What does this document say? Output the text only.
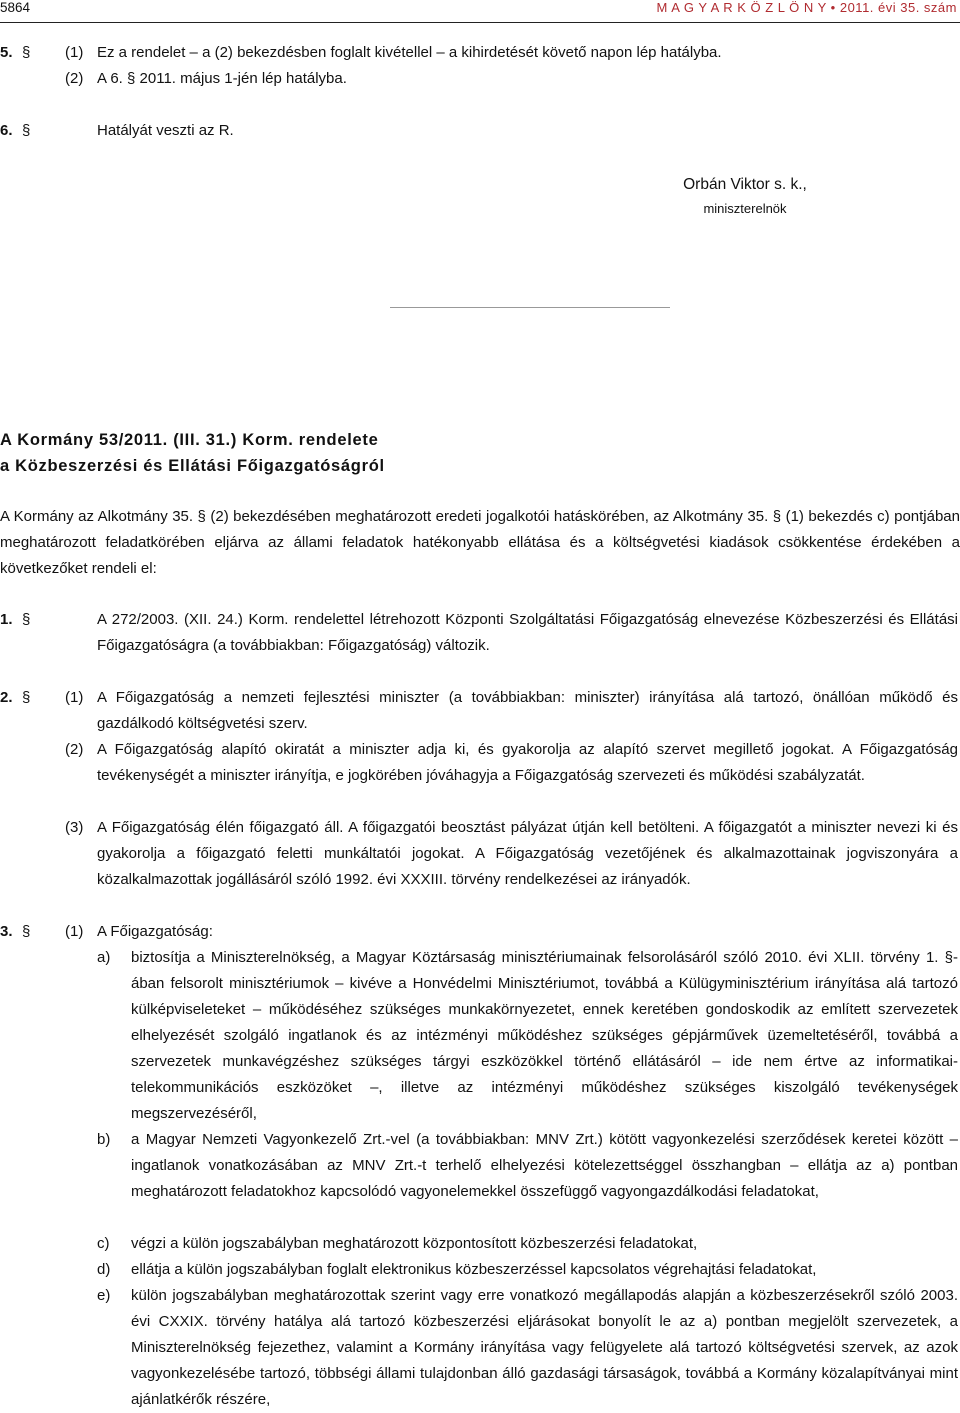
5864	M A G Y A R K Ö Z L Ö N Y • 2011. évi 35. szám
5. § (1) Ez a rendelet – a (2) bekezdésben foglalt kivétellel – a kihirdetését követő napon lép hatályba.
(2) A 6. § 2011. május 1-jén lép hatályba.
6. §	Hatályát veszti az R.
Orbán Viktor s. k.,
miniszterelnök
A Kormány 53/2011. (III. 31.) Korm. rendelete
a Közbeszerzési és Ellátási Főigazgatóságról
A Kormány az Alkotmány 35. § (2) bekezdésében meghatározott eredeti jogalkotói hatáskörében, az Alkotmány 35. § (1) bekezdés c) pontjában meghatározott feladatkörében eljárva az állami feladatok hatékonyabb ellátása és a költségvetési kiadások csökkentése érdekében a következőket rendeli el:
1. §	A 272/2003. (XII. 24.) Korm. rendelettel létrehozott Központi Szolgáltatási Főigazgatóság elnevezése Közbeszerzési és Ellátási Főigazgatóságra (a továbbiakban: Főigazgatóság) változik.
2. § (1) A Főigazgatóság a nemzeti fejlesztési miniszter (a továbbiakban: miniszter) irányítása alá tartozó, önállóan működő és gazdálkodó költségvetési szerv.
(2) A Főigazgatóság alapító okiratát a miniszter adja ki, és gyakorolja az alapító szervet megillető jogokat. A Főigazgatóság tevékenységét a miniszter irányítja, e jogkörében jóváhagyja a Főigazgatóság szervezeti és működési szabályzatát.
(3) A Főigazgatóság élén főigazgató áll. A főigazgatói beosztást pályázat útján kell betölteni. A főigazgatót a miniszter nevezi ki és gyakorolja a főigazgató feletti munkáltatói jogokat. A Főigazgatóság vezetőjének és alkalmazottainak jogviszonyára a közalkalmazottak jogállásáról szóló 1992. évi XXXIII. törvény rendelkezései az irányadók.
3. § (1) A Főigazgatóság:
a) biztosítja a Miniszterelnökség, a Magyar Köztársaság minisztériumainak felsorolásáról szóló 2010. évi XLII. törvény 1. §-ában felsorolt minisztériumok – kivéve a Honvédelmi Minisztériumot, továbbá a Külügyminisztérium irányítása alá tartozó külképviseleteket – működéséhez szükséges munkakörnyezetet, ennek keretében gondoskodik az említett szervezetek elhelyezését szolgáló ingatlanok és az intézményi működéshez szükséges gépjárművek üzemeltetéséről, továbbá a szervezetek munkavégzéshez szükséges tárgyi eszközökkel történő ellátásáról – ide nem értve az informatikai-telekommunikációs eszközöket –, illetve az intézményi működéshez szükséges kiszolgáló tevékenységek megszervezéséről,
b) a Magyar Nemzeti Vagyonkezelő Zrt.-vel (a továbbiakban: MNV Zrt.) kötött vagyonkezelési szerződések keretei között – ingatlanok vonatkozásában az MNV Zrt.-t terhelő elhelyezési kötelezettséggel összhangban – ellátja az a) pontban meghatározott feladatokhoz kapcsolódó vagyonelemekkel összefüggő vagyongazdálkodási feladatokat,
c) végzi a külön jogszabályban meghatározott központosított közbeszerzési feladatokat,
d) ellátja a külön jogszabályban foglalt elektronikus közbeszerzéssel kapcsolatos végrehajtási feladatokat,
e) külön jogszabályban meghatározottak szerint vagy erre vonatkozó megállapodás alapján a közbeszerzésekről szóló 2003. évi CXXIX. törvény hatálya alá tartozó közbeszerzési eljárásokat bonyolít le az a) pontban megjelölt szervezetek, a Miniszterelnökség fejezethez, valamint a Kormány irányítása vagy felügyelete alá tartozó költségvetési szervek, az azok vagyonkezelésébe tartozó, többségi állami tulajdonban álló gazdasági társaságok, továbbá a Kormány közalapítványai mint ajánlatkérők részére,
